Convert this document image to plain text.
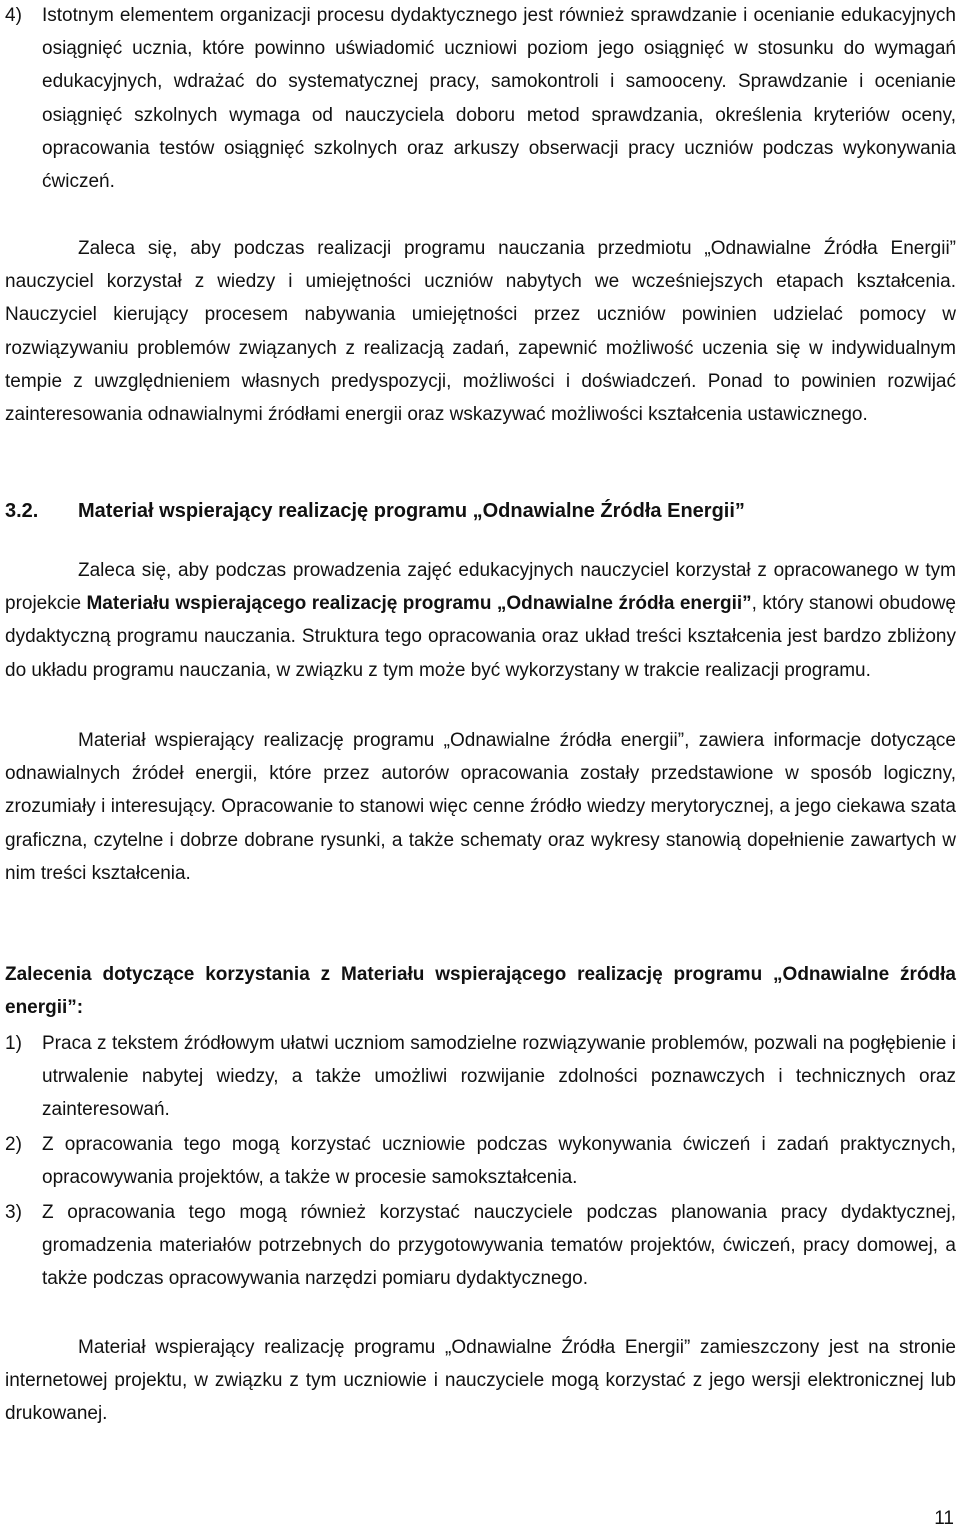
4) Istotnym elementem organizacji procesu dydaktycznego jest również sprawdzanie i ocenianie edukacyjnych osiągnięć ucznia, które powinno uświadomić uczniowi poziom jego osiągnięć w stosunku do wymagań edukacyjnych, wdrażać do systematycznej pracy, samokontroli i samooceny. Sprawdzanie i ocenianie osiągnięć szkolnych wymaga od nauczyciela doboru metod sprawdzania, określenia kryteriów oceny, opracowania testów osiągnięć szkolnych oraz arkuszy obserwacji pracy uczniów podczas wykonywania ćwiczeń.

Zaleca się, aby podczas realizacji programu nauczania przedmiotu „Odnawialne Źródła Energii” nauczyciel korzystał z wiedzy i umiejętności uczniów nabytych we wcześniejszych etapach kształcenia. Nauczyciel kierujący procesem nabywania umiejętności przez uczniów powinien udzielać pomocy w rozwiązywaniu problemów związanych z realizacją zadań, zapewnić możliwość uczenia się w indywidualnym tempie z uwzględnieniem własnych predyspozycji, możliwości i doświadczeń. Ponad to powinien rozwijać zainteresowania odnawialnymi źródłami energii oraz wskazywać możliwości kształcenia ustawicznego.

3.2. Materiał wspierający realizację programu „Odnawialne Źródła Energii”

Zaleca się, aby podczas prowadzenia zajęć edukacyjnych nauczyciel korzystał z opracowanego w tym projekcie Materiału wspierającego realizację programu „Odnawialne źródła energii”, który stanowi obudowę dydaktyczną programu nauczania. Struktura tego opracowania oraz układ treści kształcenia jest bardzo zbliżony do układu programu nauczania, w związku z tym może być wykorzystany w trakcie realizacji programu.

Materiał wspierający realizację programu „Odnawialne źródła energii”, zawiera informacje dotyczące odnawialnych źródeł energii, które przez autorów opracowania zostały przedstawione w sposób logiczny, zrozumiały i interesujący. Opracowanie to stanowi więc cenne źródło wiedzy merytorycznej, a jego ciekawa szata graficzna, czytelne i dobrze dobrane rysunki, a także schematy oraz wykresy stanowią dopełnienie zawartych w nim treści kształcenia.

Zalecenia dotyczące korzystania z Materiału wspierającego realizację programu „Odnawialne źródła energii”:

1) Praca z tekstem źródłowym ułatwi uczniom samodzielne rozwiązywanie problemów, pozwali na pogłębienie i utrwalenie nabytej wiedzy, a także umożliwi rozwijanie zdolności poznawczych i technicznych oraz zainteresowań.

2) Z opracowania tego mogą korzystać uczniowie podczas wykonywania ćwiczeń i zadań praktycznych, opracowywania projektów, a także w procesie samokształcenia.

3) Z opracowania tego mogą również korzystać nauczyciele podczas planowania pracy dydaktycznej, gromadzenia materiałów potrzebnych do przygotowywania tematów projektów, ćwiczeń, pracy domowej, a także podczas opracowywania narzędzi pomiaru dydaktycznego.

Materiał wspierający realizację programu „Odnawialne Źródła Energii” zamieszczony jest na stronie internetowej projektu, w związku z tym uczniowie i nauczyciele mogą korzystać z jego wersji elektronicznej lub drukowanej.

11
